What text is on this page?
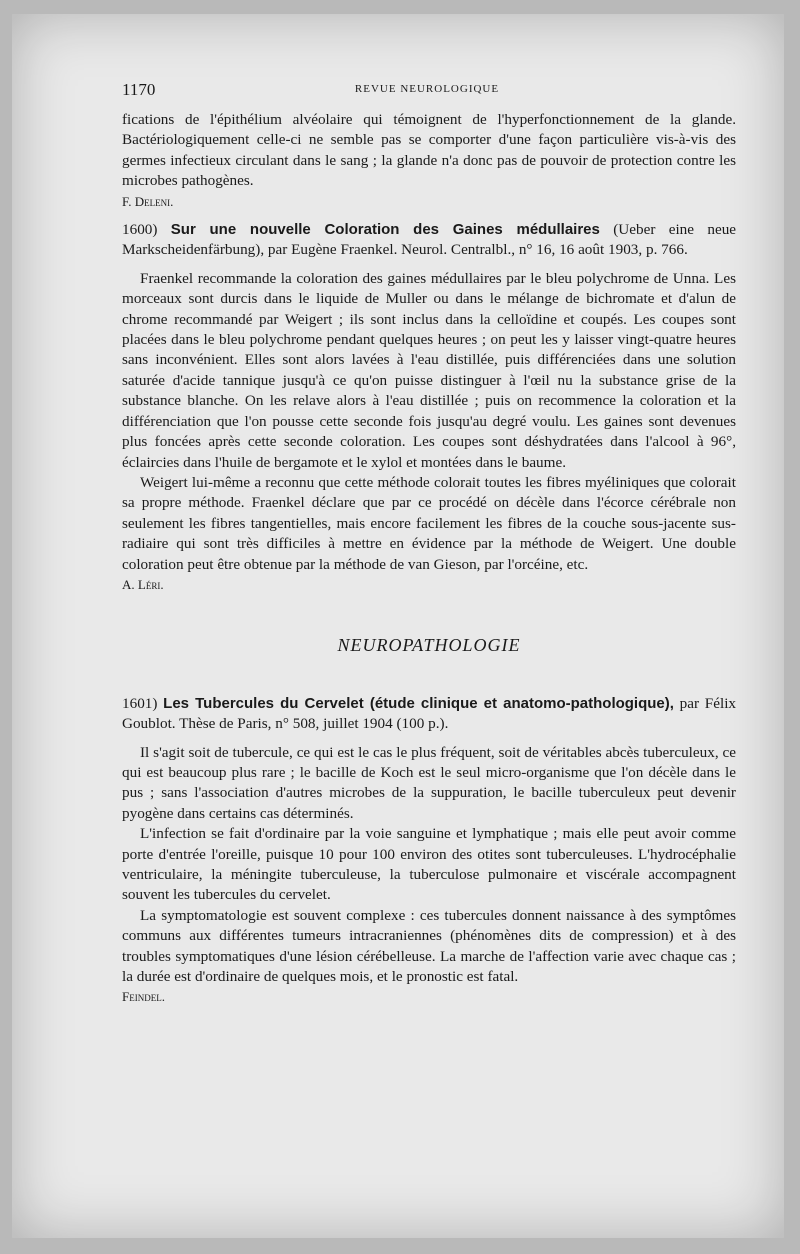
1170	REVUE NEUROLOGIQUE

fications de l'épithélium alvéolaire qui témoignent de l'hyperfonctionnement de la glande. Bactériologiquement celle-ci ne semble pas se comporter d'une façon particulière vis-à-vis des germes infectieux circulant dans le sang ; la glande n'a donc pas de pouvoir de protection contre les microbes pathogènes.

F. Deleni.

1600) Sur une nouvelle Coloration des Gaines médullaires (Ueber eine neue Markscheidenfärbung), par Eugène Fraenkel. Neurol. Centralbl., n° 16, 16 août 1903, p. 766.

Fraenkel recommande la coloration des gaines médullaires par le bleu polychrome de Unna. Les morceaux sont durcis dans le liquide de Muller ou dans le mélange de bichromate et d'alun de chrome recommandé par Weigert ; ils sont inclus dans la celloïdine et coupés. Les coupes sont placées dans le bleu polychrome pendant quelques heures ; on peut les y laisser vingt-quatre heures sans inconvénient. Elles sont alors lavées à l'eau distillée, puis différenciées dans une solution saturée d'acide tannique jusqu'à ce qu'on puisse distinguer à l'œil nu la substance grise de la substance blanche. On les relave alors à l'eau distillée ; puis on recommence la coloration et la différenciation que l'on pousse cette seconde fois jusqu'au degré voulu. Les gaines sont devenues plus foncées après cette seconde coloration. Les coupes sont déshydratées dans l'alcool à 96°, éclaircies dans l'huile de bergamote et le xylol et montées dans le baume.

Weigert lui-même a reconnu que cette méthode colorait toutes les fibres myéliniques que colorait sa propre méthode. Fraenkel déclare que par ce procédé on décèle dans l'écorce cérébrale non seulement les fibres tangentielles, mais encore facilement les fibres de la couche sous-jacente sus-radiaire qui sont très difficiles à mettre en évidence par la méthode de Weigert. Une double coloration peut être obtenue par la méthode de van Gieson, par l'orcéine, etc.

A. Léri.

NEUROPATHOLOGIE

1601) Les Tubercules du Cervelet (étude clinique et anatomo-pathologique), par Félix Goublot. Thèse de Paris, n° 508, juillet 1904 (100 p.).

Il s'agit soit de tubercule, ce qui est le cas le plus fréquent, soit de véritables abcès tuberculeux, ce qui est beaucoup plus rare ; le bacille de Koch est le seul micro-organisme que l'on décèle dans le pus ; sans l'association d'autres microbes de la suppuration, le bacille tuberculeux peut devenir pyogène dans certains cas déterminés.

L'infection se fait d'ordinaire par la voie sanguine et lymphatique ; mais elle peut avoir comme porte d'entrée l'oreille, puisque 10 pour 100 environ des otites sont tuberculeuses. L'hydrocéphalie ventriculaire, la méningite tuberculeuse, la tuberculose pulmonaire et viscérale accompagnent souvent les tubercules du cervelet.

La symptomatologie est souvent complexe : ces tubercules donnent naissance à des symptômes communs aux différentes tumeurs intracraniennes (phénomènes dits de compression) et à des troubles symptomatiques d'une lésion cérébelleuse. La marche de l'affection varie avec chaque cas ; la durée est d'ordinaire de quelques mois, et le pronostic est fatal.

Feindel.
